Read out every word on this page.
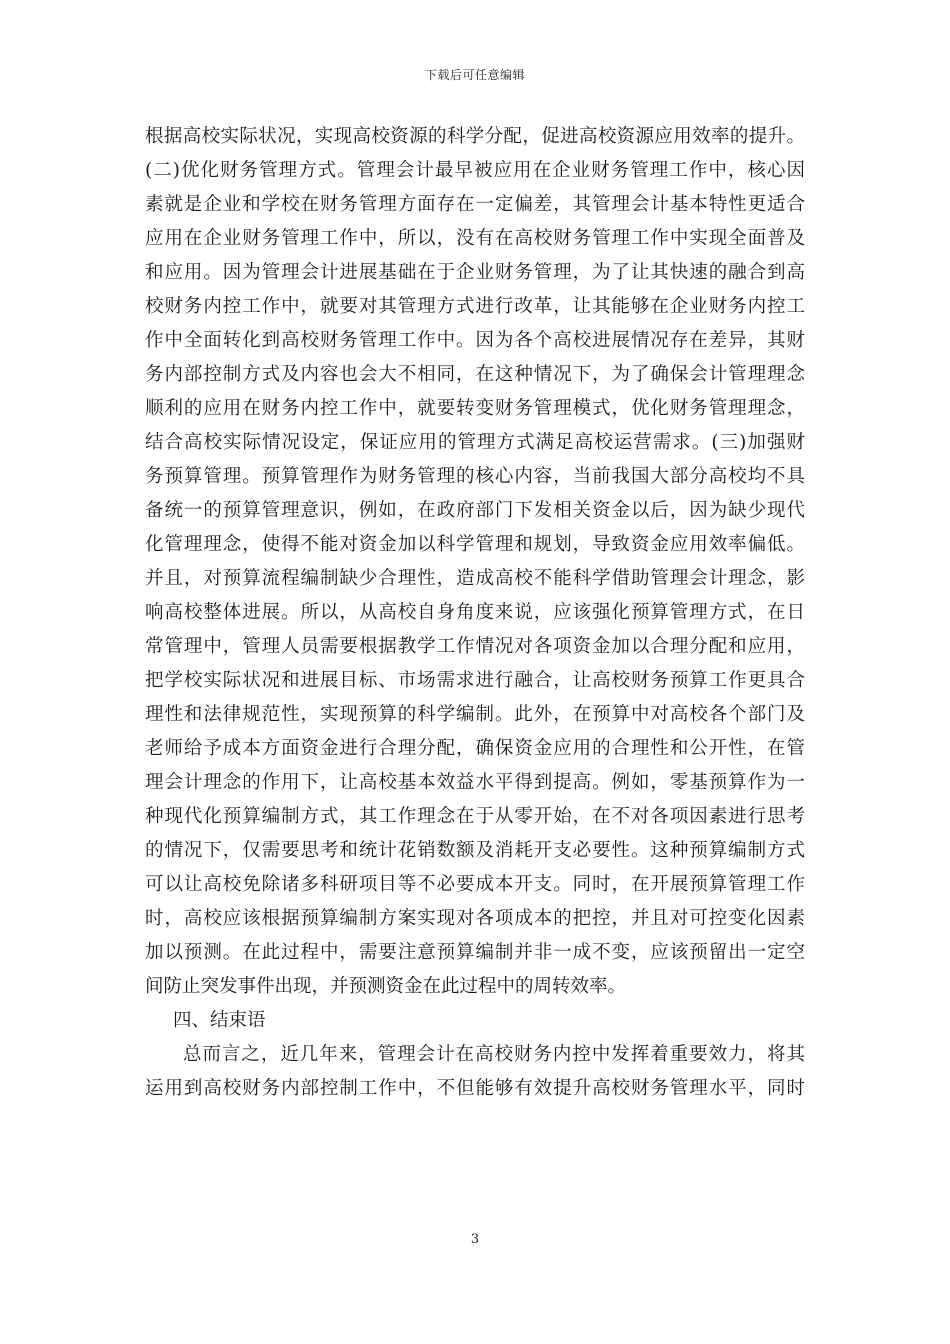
下载后可任意编辑
根据高校实际状况，实现高校资源的科学分配，促进高校资源应用效率的提升。
(二)优化财务管理方式。管理会计最早被应用在企业财务管理工作中，核心因
素就是企业和学校在财务管理方面存在一定偏差，其管理会计基本特性更适合
应用在企业财务管理工作中，所以，没有在高校财务管理工作中实现全面普及
和应用。因为管理会计进展基础在于企业财务管理，为了让其快速的融合到高
校财务内控工作中，就要对其管理方式进行改革，让其能够在企业财务内控工
作中全面转化到高校财务管理工作中。因为各个高校进展情况存在差异，其财
务内部控制方式及内容也会大不相同，在这种情况下，为了确保会计管理理念
顺利的应用在财务内控工作中，就要转变财务管理模式，优化财务管理理念，
结合高校实际情况设定，保证应用的管理方式满足高校运营需求。(三)加强财
务预算管理。预算管理作为财务管理的核心内容，当前我国大部分高校均不具
备统一的预算管理意识，例如，在政府部门下发相关资金以后，因为缺少现代
化管理理念，使得不能对资金加以科学管理和规划，导致资金应用效率偏低。
并且，对预算流程编制缺少合理性，造成高校不能科学借助管理会计理念，影
响高校整体进展。所以，从高校自身角度来说，应该强化预算管理方式，在日
常管理中，管理人员需要根据教学工作情况对各项资金加以合理分配和应用，
把学校实际状况和进展目标、市场需求进行融合，让高校财务预算工作更具合
理性和法律规范性，实现预算的科学编制。此外，在预算中对高校各个部门及
老师给予成本方面资金进行合理分配，确保资金应用的合理性和公开性，在管
理会计理念的作用下，让高校基本效益水平得到提高。例如，零基预算作为一
种现代化预算编制方式，其工作理念在于从零开始，在不对各项因素进行思考
的情况下，仅需要思考和统计花销数额及消耗开支必要性。这种预算编制方式
可以让高校免除诸多科研项目等不必要成本开支。同时，在开展预算管理工作
时，高校应该根据预算编制方案实现对各项成本的把控，并且对可控变化因素
加以预测。在此过程中，需要注意预算编制并非一成不变，应该预留出一定空
间防止突发事件出现，并预测资金在此过程中的周转效率。
四、结束语
总而言之，近几年来，管理会计在高校财务内控中发挥着重要效力，将其
运用到高校财务内部控制工作中，不但能够有效提升高校财务管理水平，同时
3
